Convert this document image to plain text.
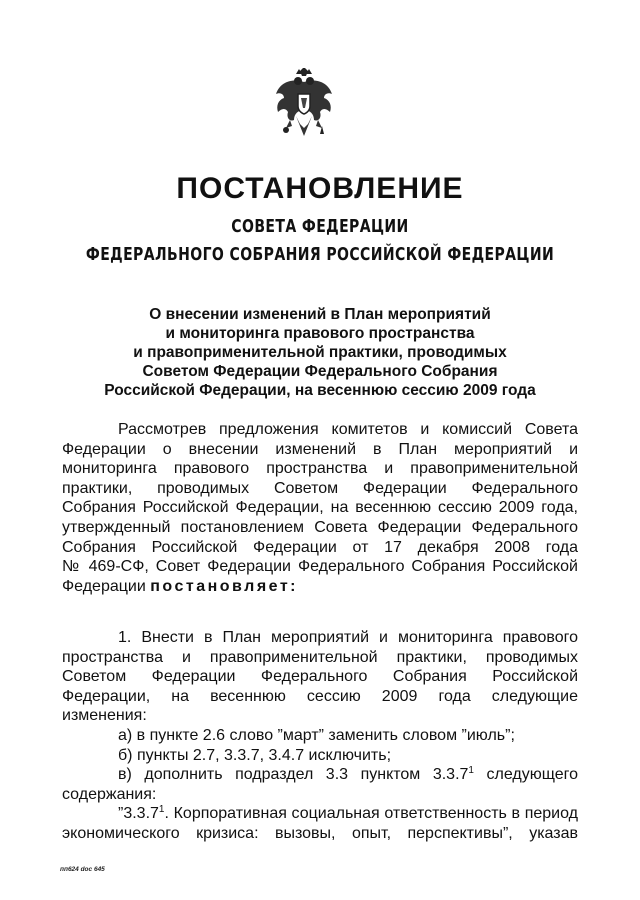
ПОСТАНОВЛЕНИЕ
СОВЕТА ФЕДЕРАЦИИ
ФЕДЕРАЛЬНОГО СОБРАНИЯ РОССИЙСКОЙ ФЕДЕРАЦИИ
О внесении изменений в План мероприятий
и мониторинга правового пространства
и правоприменительной практики, проводимых
Советом Федерации Федерального Собрания
Российской Федерации, на весеннюю сессию 2009 года
Рассмотрев предложения комитетов и комиссий Совета
Федерации о внесении изменений в План мероприятий и
мониторинга правового пространства и правоприменительной
практики, проводимых Советом Федерации Федерального
Собрания Российской Федерации, на весеннюю сессию 2009 года,
утвержденный постановлением Совета Федерации Федерального
Собрания Российской Федерации от 17 декабря 2008 года
№ 469-СФ, Совет Федерации Федерального Собрания Российской
Федерации постановляет:
1. Внести в План мероприятий и мониторинга правового
пространства и правоприменительной практики, проводимых
Советом Федерации Федерального Собрания Российской
Федерации, на весеннюю сессию 2009 года следующие
изменения:
а) в пункте 2.6 слово ”март” заменить словом ”июль”;
б) пункты 2.7, 3.3.7, 3.4.7 исключить;
в) дополнить подраздел 3.3 пунктом 3.3.7$^1$ следующего
содержания:
”3.3.7$^1$. Корпоративная социальная ответственность в период
экономического кризиса: вызовы, опыт, перспективы”, указав
пп624 doc 645
